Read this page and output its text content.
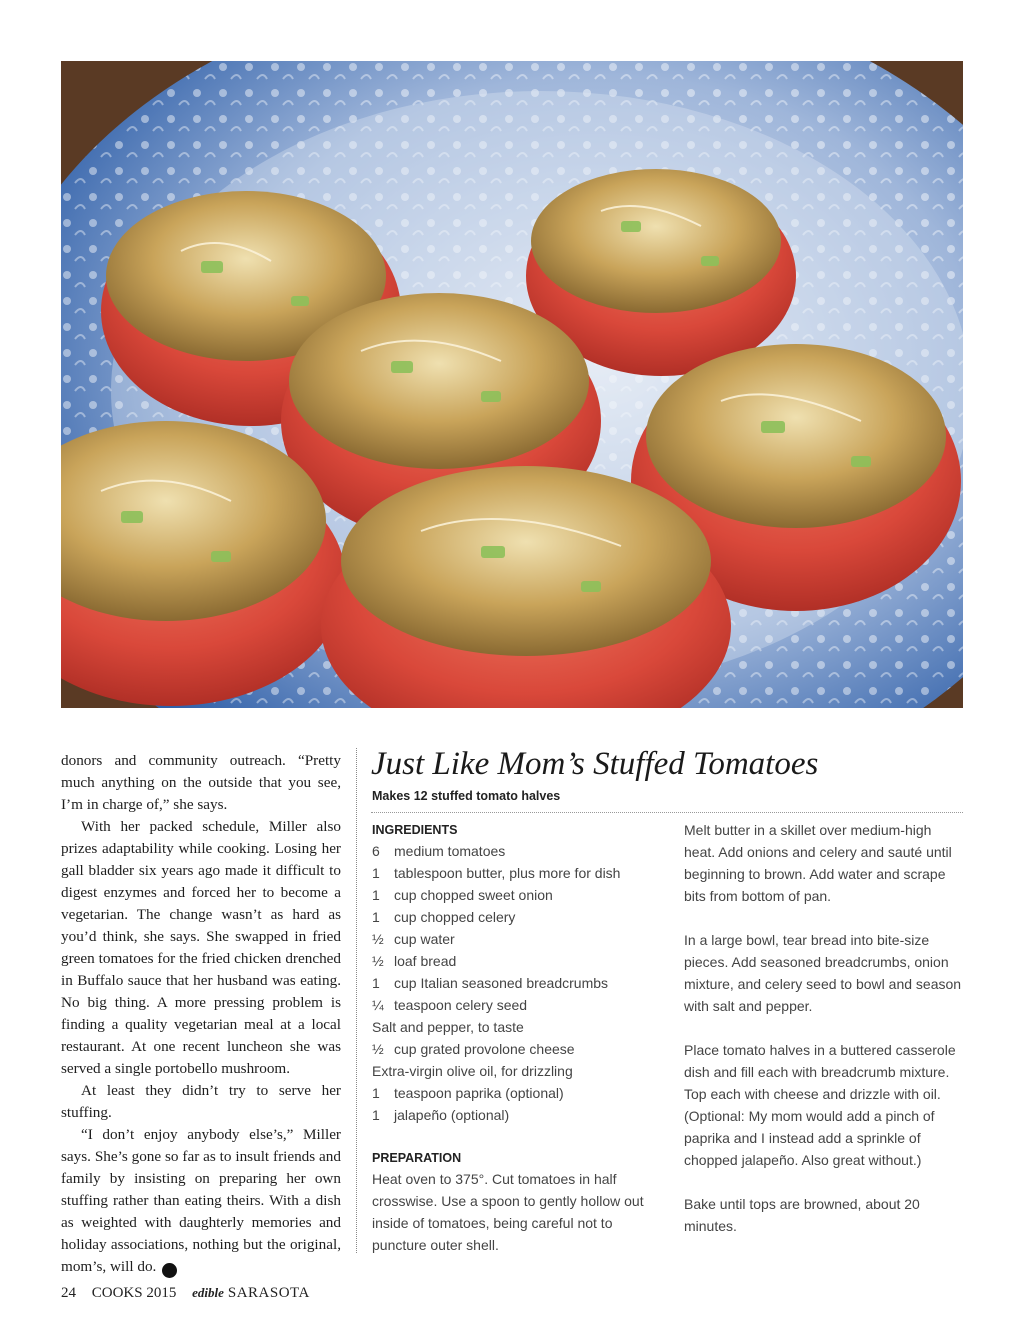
donors and community outreach. “Pretty much anything on the outside that you see, I’m in charge of,” she says.

With her packed schedule, Miller also prizes adaptability while cooking. Losing her gall bladder six years ago made it difficult to digest enzymes and forced her to become a vegetarian. The change wasn’t as hard as you’d think, she says. She swapped in fried green tomatoes for the fried chicken drenched in Buffalo sauce that her husband was eating. No big thing. A more pressing problem is finding a quality vegetarian meal at a local restaurant. At one recent luncheon she was served a single portobello mushroom.

At least they didn’t try to serve her stuffing.

“I don’t enjoy anybody else’s,” Miller says. She’s gone so far as to insult friends and family by insisting on preparing her own stuffing rather than eating theirs. With a dish as weighted with daughterly memories and holiday associations, nothing but the original, mom’s, will do. e

Just Like Mom’s Stuffed Tomatoes
Makes 12 stuffed tomato halves

INGREDIENTS

6 medium tomatoes
1 tablespoon butter, plus more for dish
1 cup chopped sweet onion
1 cup chopped celery
½ cup water
½ loaf bread
1 cup Italian seasoned breadcrumbs
¼ teaspoon celery seed
Salt and pepper, to taste
½ cup grated provolone cheese
Extra-virgin olive oil, for drizzling
1 teaspoon paprika (optional)
1 jalapeño (optional)

PREPARATION

Heat oven to 375°. Cut tomatoes in half crosswise. Use a spoon to gently hollow out inside of tomatoes, being careful not to puncture outer shell.

Melt butter in a skillet over medium-high heat. Add onions and celery and sauté until beginning to brown. Add water and scrape bits from bottom of pan.

In a large bowl, tear bread into bite-size pieces. Add seasoned breadcrumbs, onion mixture, and celery seed to bowl and season with salt and pepper.

Place tomato halves in a buttered casserole dish and fill each with breadcrumb mixture. Top each with cheese and drizzle with oil. (Optional: My mom would add a pinch of paprika and I instead add a sprinkle of chopped jalapeño. Also great without.)

Bake until tops are browned, about 20 minutes.

24 COOKS 2015 edible SARASOTA
